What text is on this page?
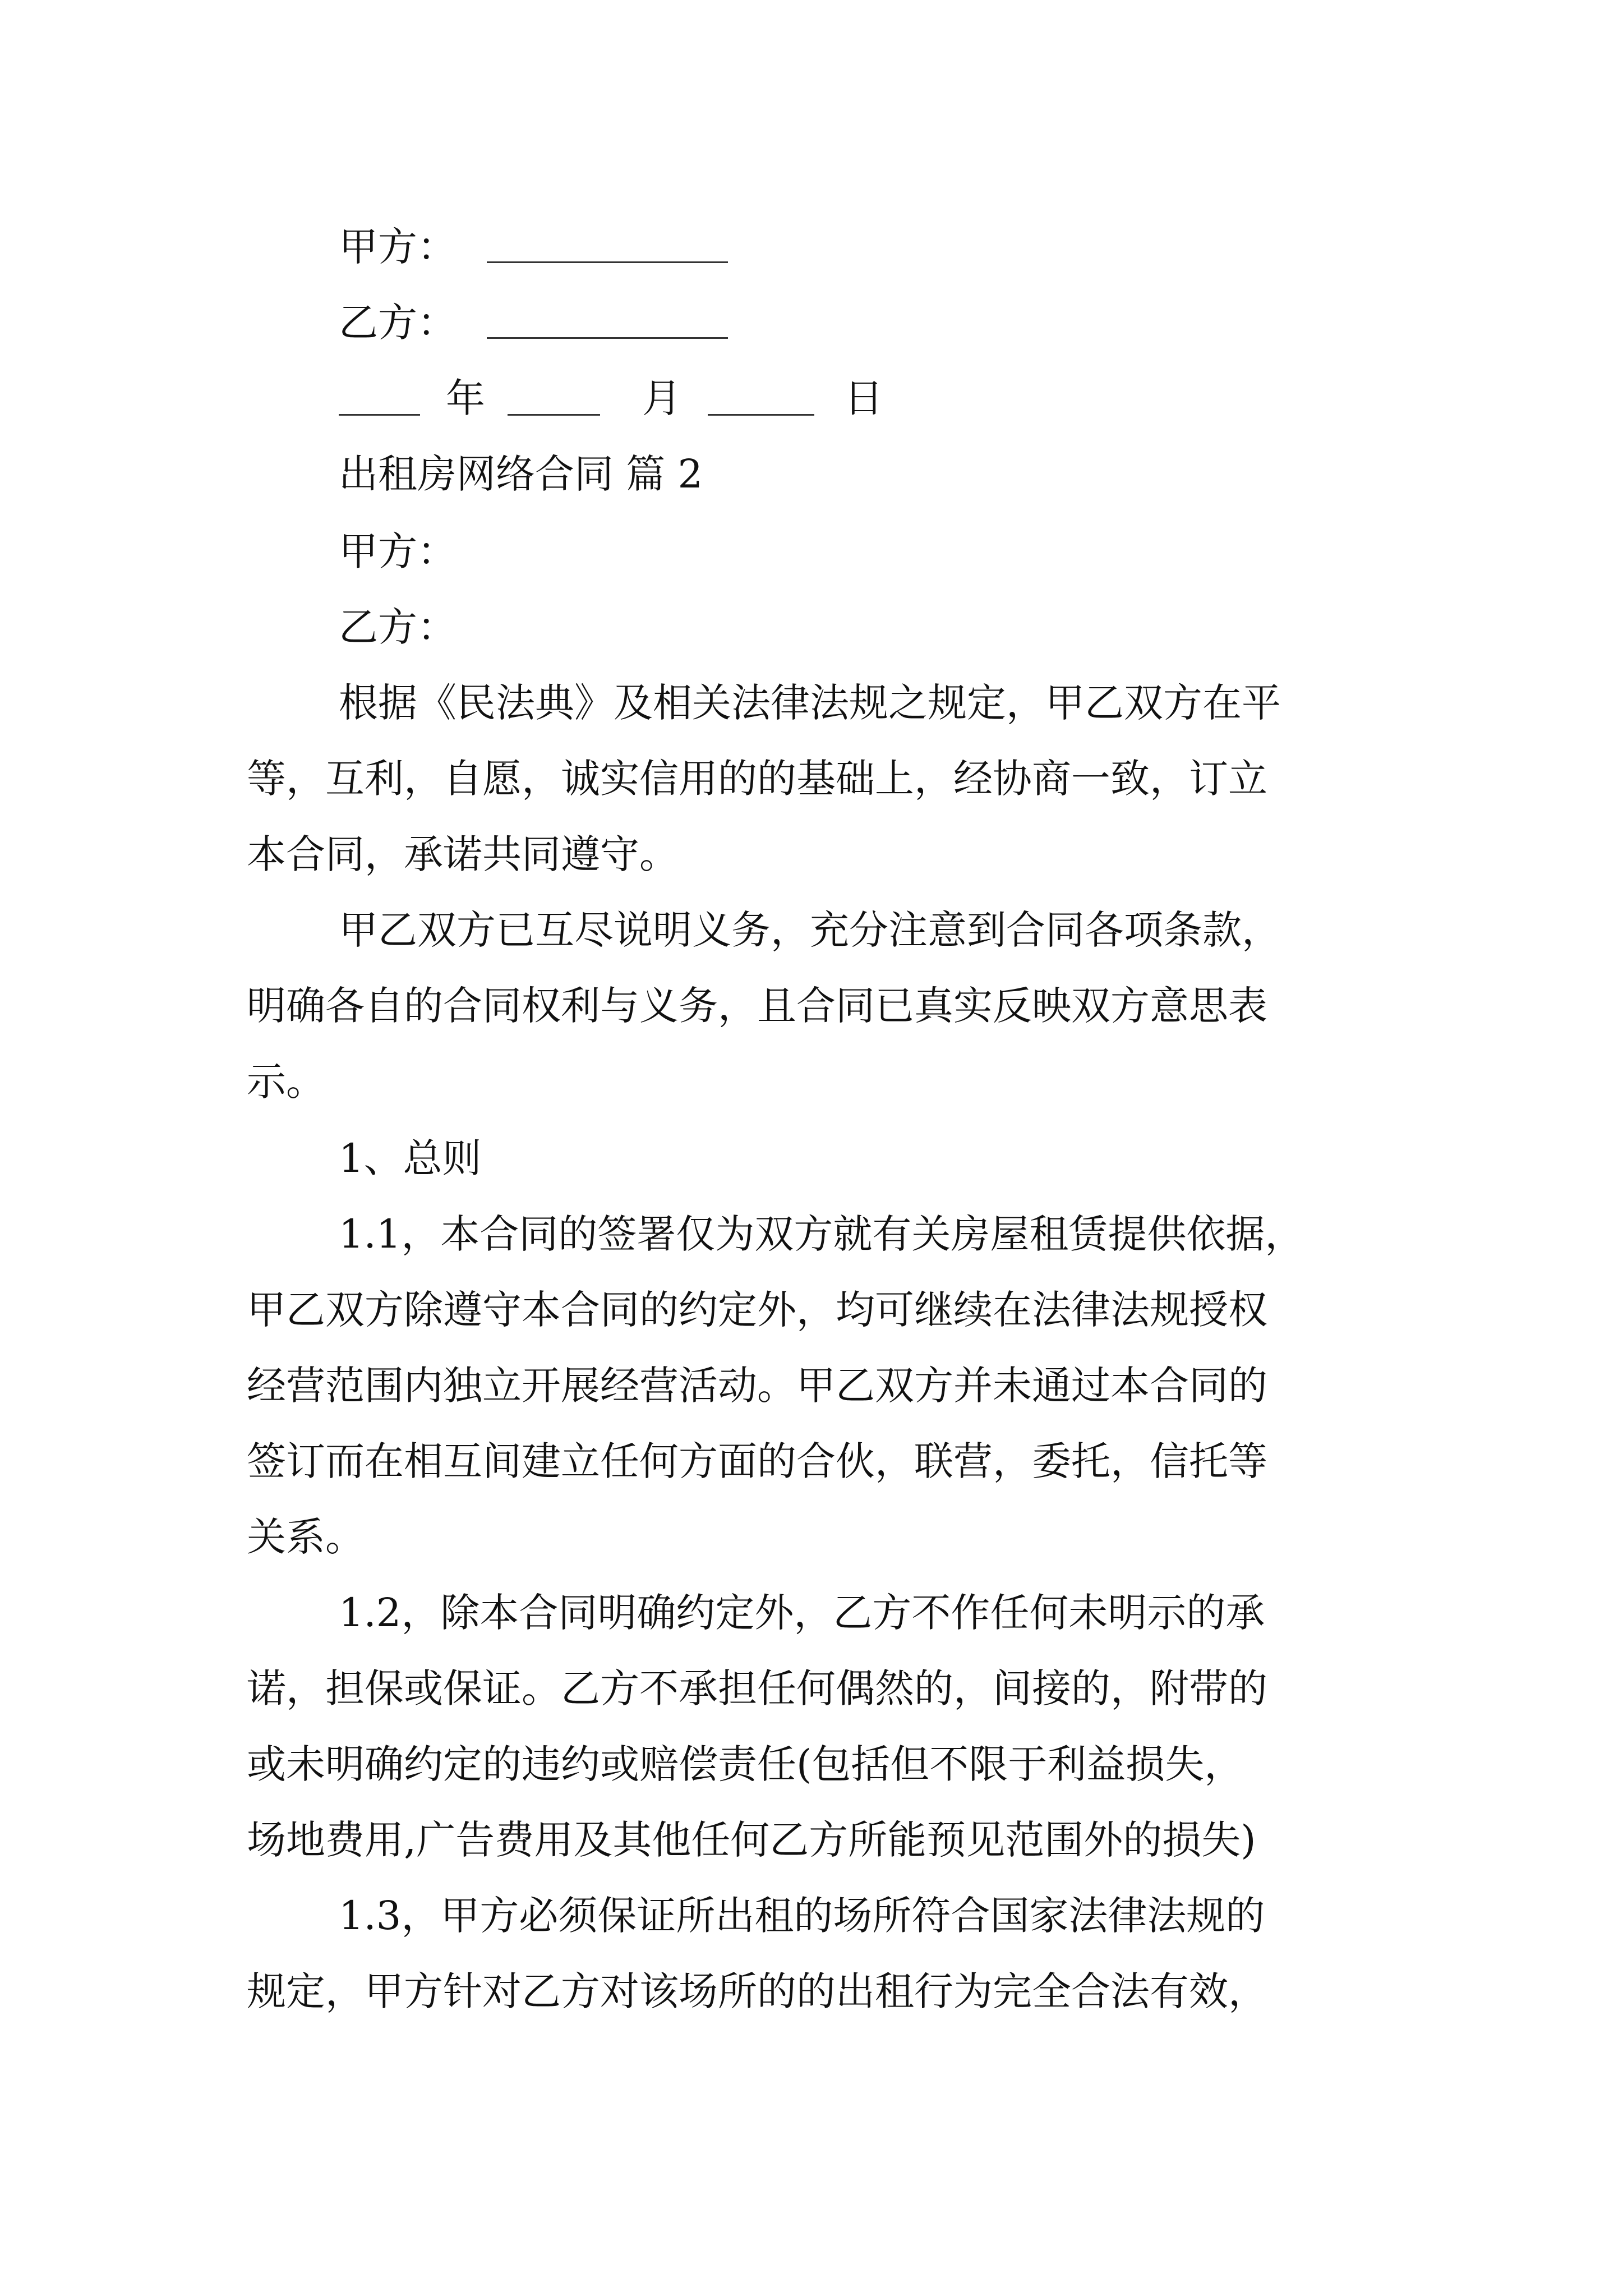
甲方：
乙方：
年	月	日
出租房网络合同 篇 2
甲方：
乙方：
根据《民法典》及相关法律法规之规定，甲乙双方在平
等，互利，自愿，诚实信用的的基础上，经协商一致，订立
本合同，承诺共同遵守。
甲乙双方已互尽说明义务，充分注意到合同各项条款，
明确各自的合同权利与义务，且合同已真实反映双方意思表
示。
1、总则
1.1，本合同的签署仅为双方就有关房屋租赁提供依据，
甲乙双方除遵守本合同的约定外，均可继续在法律法规授权
经营范围内独立开展经营活动。甲乙双方并未通过本合同的
签订而在相互间建立任何方面的合伙，联营，委托，信托等
关系。
1.2，除本合同明确约定外，乙方不作任何未明示的承
诺，担保或保证。乙方不承担任何偶然的，间接的，附带的
或未明确约定的违约或赔偿责任(包括但不限于利益损失，
场地费用,广告费用及其他任何乙方所能预见范围外的损失)
1.3，甲方必须保证所出租的场所符合国家法律法规的
规定，甲方针对乙方对该场所的的出租行为完全合法有效，
